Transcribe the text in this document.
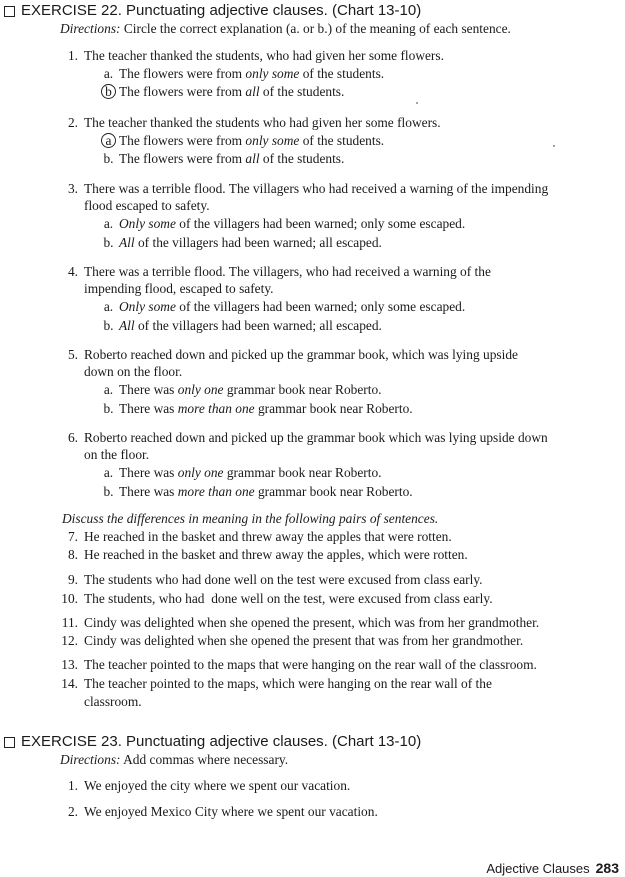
EXERCISE 22. Punctuating adjective clauses. (Chart 13-10)
Directions: Circle the correct explanation (a. or b.) of the meaning of each sentence.
1. The teacher thanked the students, who had given her some flowers.
a. The flowers were from only some of the students.
b The flowers were from all of the students.
2. The teacher thanked the students who had given her some flowers.
a The flowers were from only some of the students.
b. The flowers were from all of the students.
3. There was a terrible flood. The villagers who had received a warning of the impending
flood escaped to safety.
a. Only some of the villagers had been warned; only some escaped.
b. All of the villagers had been warned; all escaped.
4. There was a terrible flood. The villagers, who had received a warning of the
impending flood, escaped to safety.
a. Only some of the villagers had been warned; only some escaped.
b. All of the villagers had been warned; all escaped.
5. Roberto reached down and picked up the grammar book, which was lying upside
down on the floor.
a. There was only one grammar book near Roberto.
b. There was more than one grammar book near Roberto.
6. Roberto reached down and picked up the grammar book which was lying upside down
on the floor.
a. There was only one grammar book near Roberto.
b. There was more than one grammar book near Roberto.
Discuss the differences in meaning in the following pairs of sentences.
7. He reached in the basket and threw away the apples that were rotten.
8. He reached in the basket and threw away the apples, which were rotten.
9. The students who had done well on the test were excused from class early.
10. The students, who had  done well on the test, were excused from class early.
11. Cindy was delighted when she opened the present, which was from her grandmother.
12. Cindy was delighted when she opened the present that was from her grandmother.
13. The teacher pointed to the maps that were hanging on the rear wall of the classroom.
14. The teacher pointed to the maps, which were hanging on the rear wall of the
classroom.
EXERCISE 23. Punctuating adjective clauses. (Chart 13-10)
Directions: Add commas where necessary.
1. We enjoyed the city where we spent our vacation.
2. We enjoyed Mexico City where we spent our vacation.
Adjective Clauses 283
